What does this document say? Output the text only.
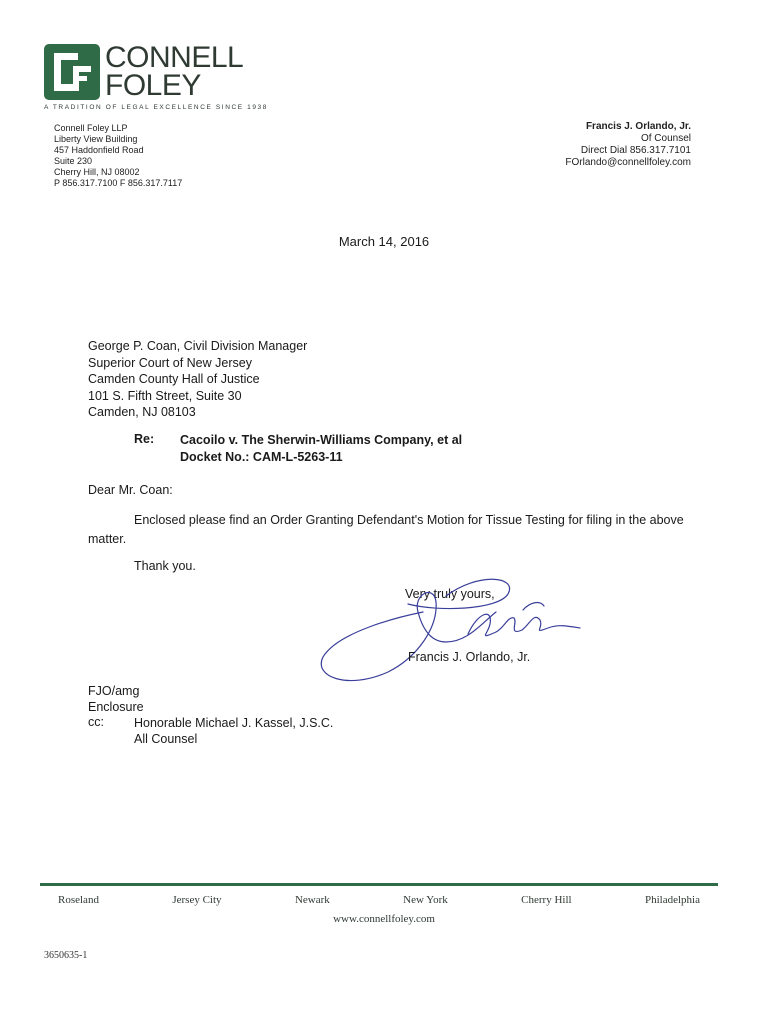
CONNELL
FOLEY
A TRADITION OF LEGAL EXCELLENCE SINCE 1938
Connell Foley LLP
Liberty View Building
457 Haddonfield Road
Suite 230
Cherry Hill, NJ 08002
P 856.317.7100 F 856.317.7117
Francis J. Orlando, Jr.
Of Counsel
Direct Dial 856.317.7101
FOrlando@connellfoley.com
March 14, 2016
George P. Coan, Civil Division Manager
Superior Court of New Jersey
Camden County Hall of Justice
101 S. Fifth Street, Suite 30
Camden, NJ 08103
Re: Cacoilo v. The Sherwin-Williams Company, et al
Docket No.: CAM-L-5263-11
Dear Mr. Coan:
Enclosed please find an Order Granting Defendant's Motion for Tissue Testing for filing in the above matter.
Thank you.
Very truly yours,
Francis J. Orlando, Jr.
FJO/amg
Enclosure
cc: Honorable Michael J. Kassel, J.S.C.
All Counsel
Roseland	Jersey City	Newark	New York	Cherry Hill	Philadelphia
www.connellfoley.com
3650635-1
